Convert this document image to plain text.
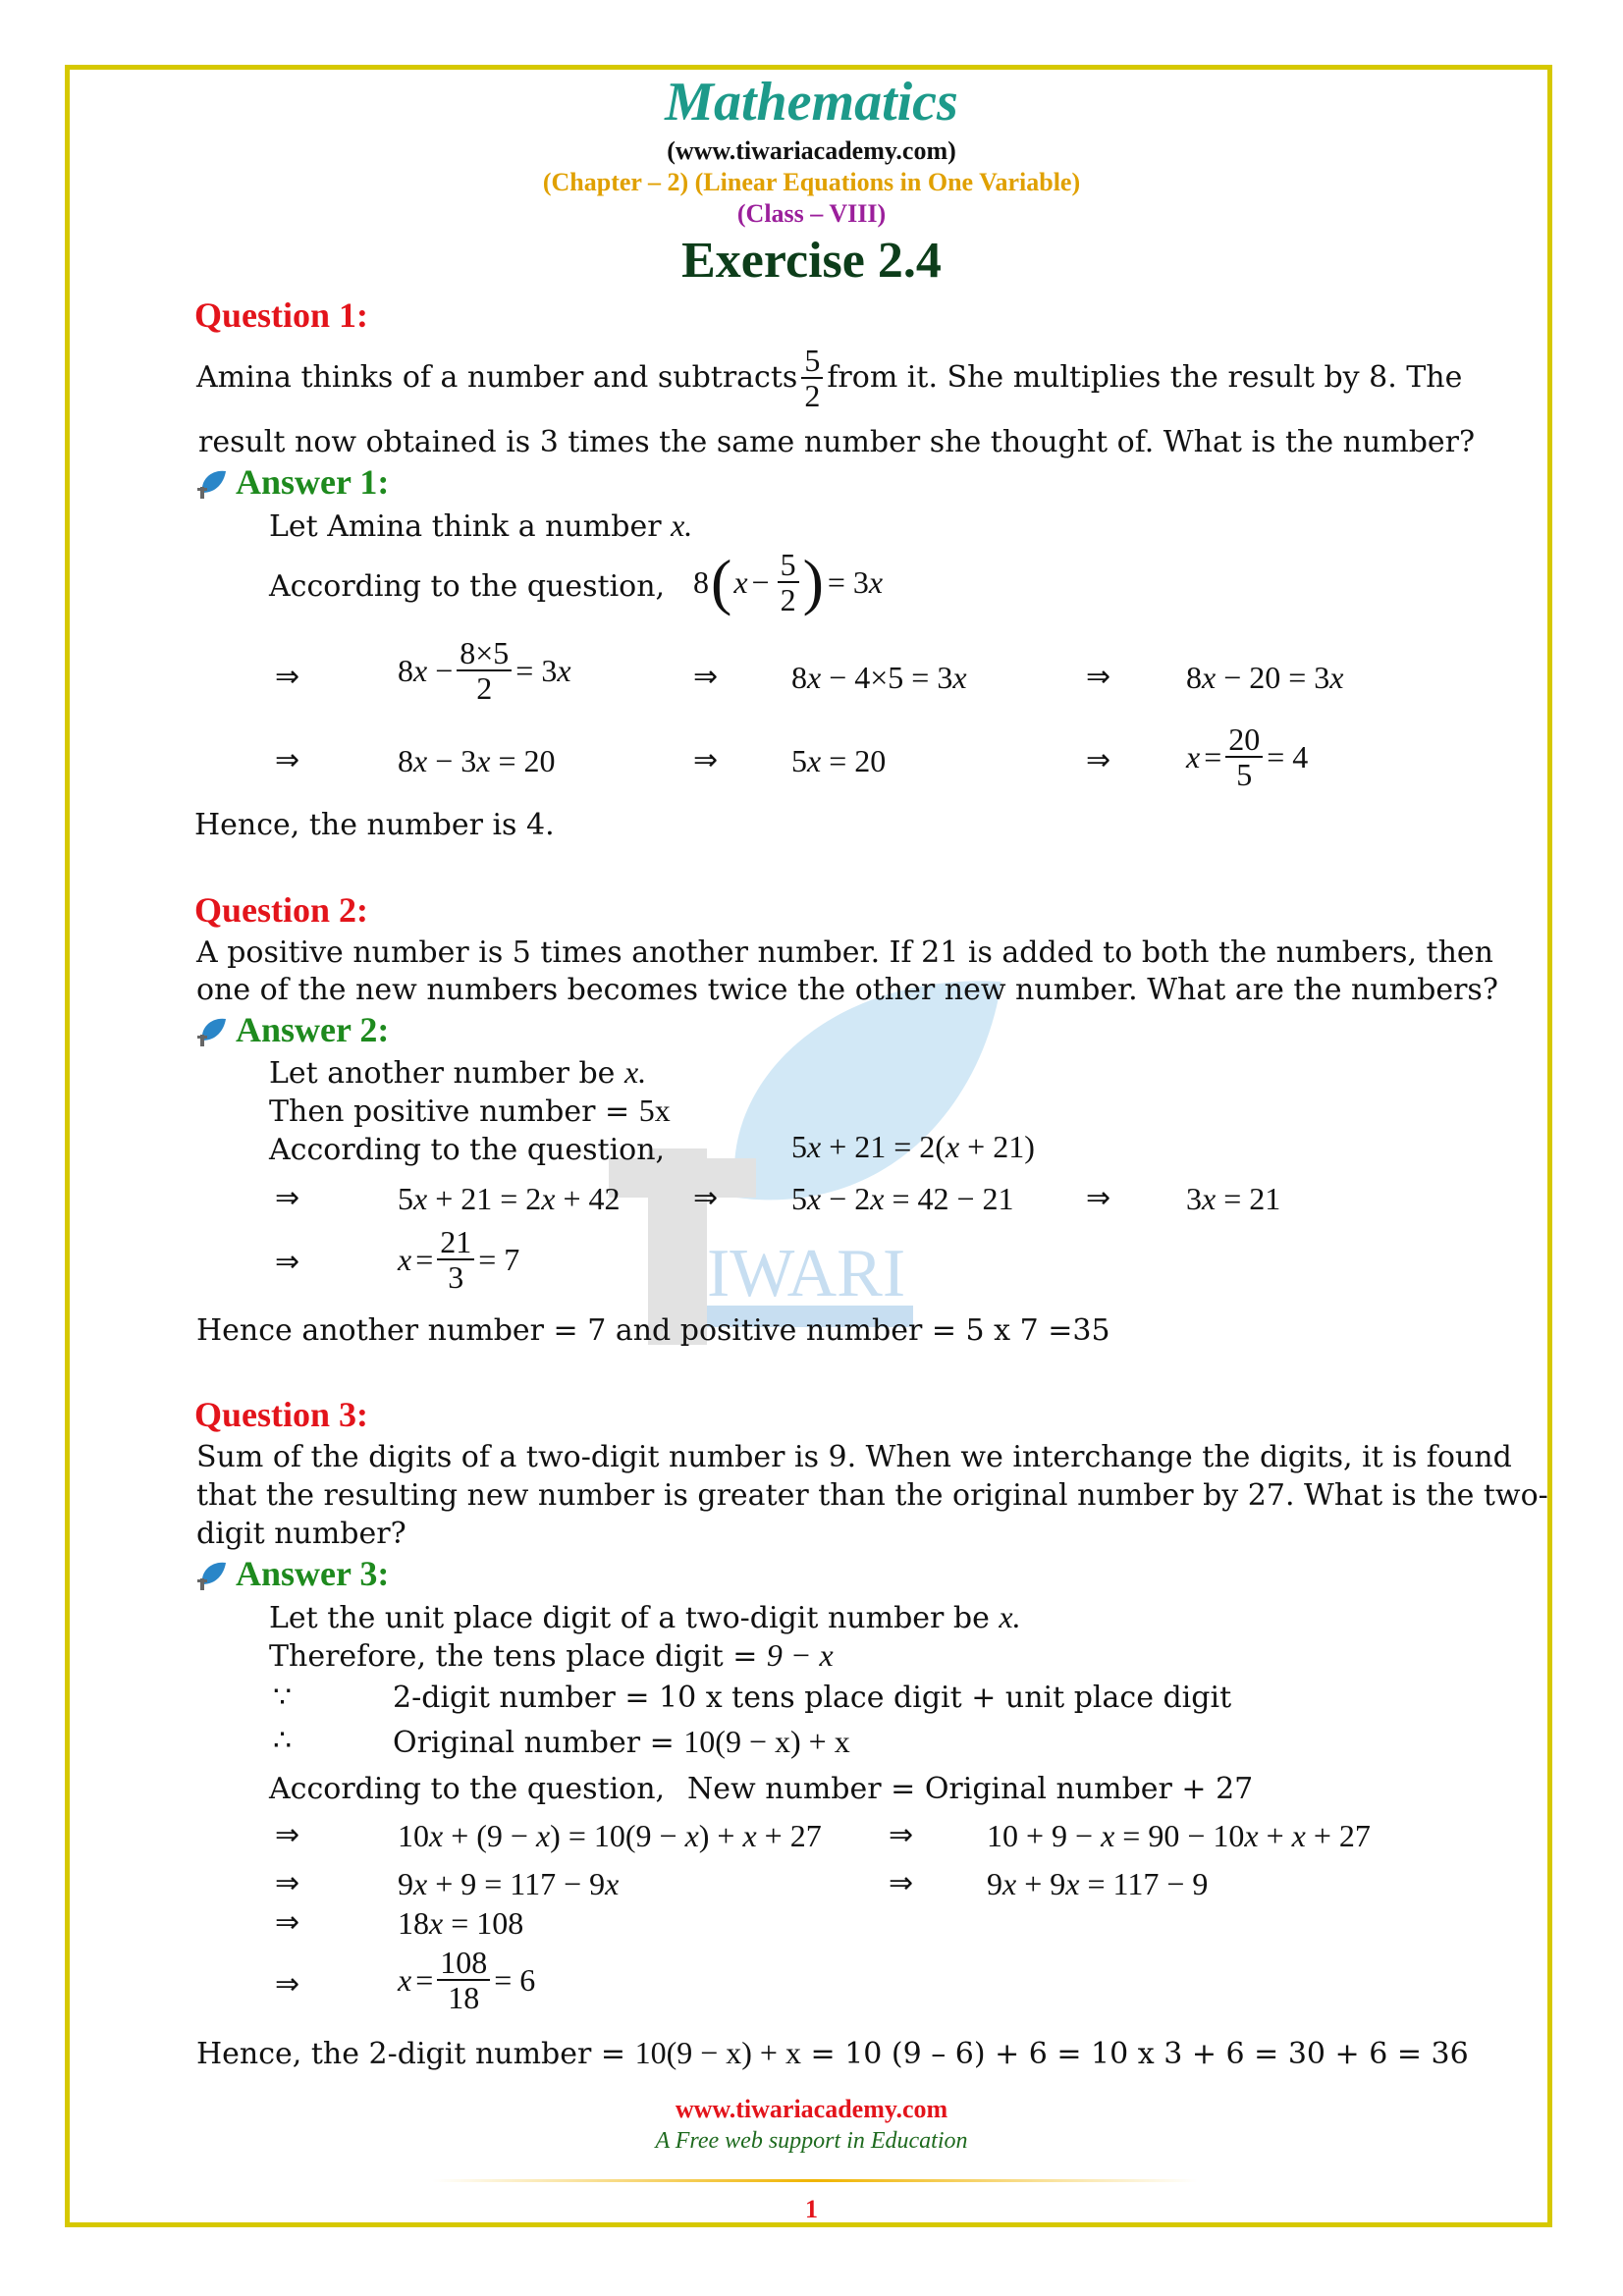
IWARI
Mathematics
(www.tiwariacademy.com)
(Chapter – 2) (Linear Equations in One Variable)
(Class – VIII)
Exercise 2.4
Question 1:
Amina thinks of a number and subtracts $\frac{5}{2}$ from it. She multiplies the result by 8. The
result now obtained is 3 times the same number she thought of. What is the number?
Answer 1:
Let Amina think a number x.
According to the question, 8 ( $x - \frac{5}{2}$ ) = 3x
⇒	$8x - \frac{8\times 5}{2} = 3x$	⇒ 8x − 4×5 = 3x	⇒ 8x − 20 = 3x
⇒	8x − 3x = 20	⇒ 5x = 20	⇒ $x = \frac{20}{5} = 4$
Hence, the number is 4.
Question 2:
A positive number is 5 times another number. If 21 is added to both the numbers, then
one of the new numbers becomes twice the other new number. What are the numbers?
Answer 2:
Let another number be x.
Then positive number = 5x
According to the question,	5x + 21 = 2(x + 21)
⇒	5x + 21 = 2x + 42 ⇒ 5x − 2x = 42 − 21 ⇒ 3x = 21
⇒	$x = \frac{21}{3} = 7$
Hence another number = 7 and positive number = 5 x 7 =35
Question 3:
Sum of the digits of a two-digit number is 9. When we interchange the digits, it is found
that the resulting new number is greater than the original number by 27. What is the two-
digit number?
Answer 3:
Let the unit place digit of a two-digit number be x.
Therefore, the tens place digit = 9 − x
∵	2-digit number = 10 x tens place digit + unit place digit
∴	Original number = 10(9 − x) + x
According to the question, New number = Original number + 27
⇒	10x + (9 − x) = 10(9 − x) + x + 27 ⇒ 10 + 9 − x = 90 − 10x + x + 27
⇒	9x + 9 = 117 − 9x	⇒ 9x + 9x = 117 − 9
⇒	18x = 108
⇒	$x = \frac{108}{18} = 6$
Hence, the 2-digit number = 10(9 − x) + x = 10 (9 – 6) + 6 = 10 x 3 + 6 = 30 + 6 = 36
www.tiwariacademy.com
A Free web support in Education
1
